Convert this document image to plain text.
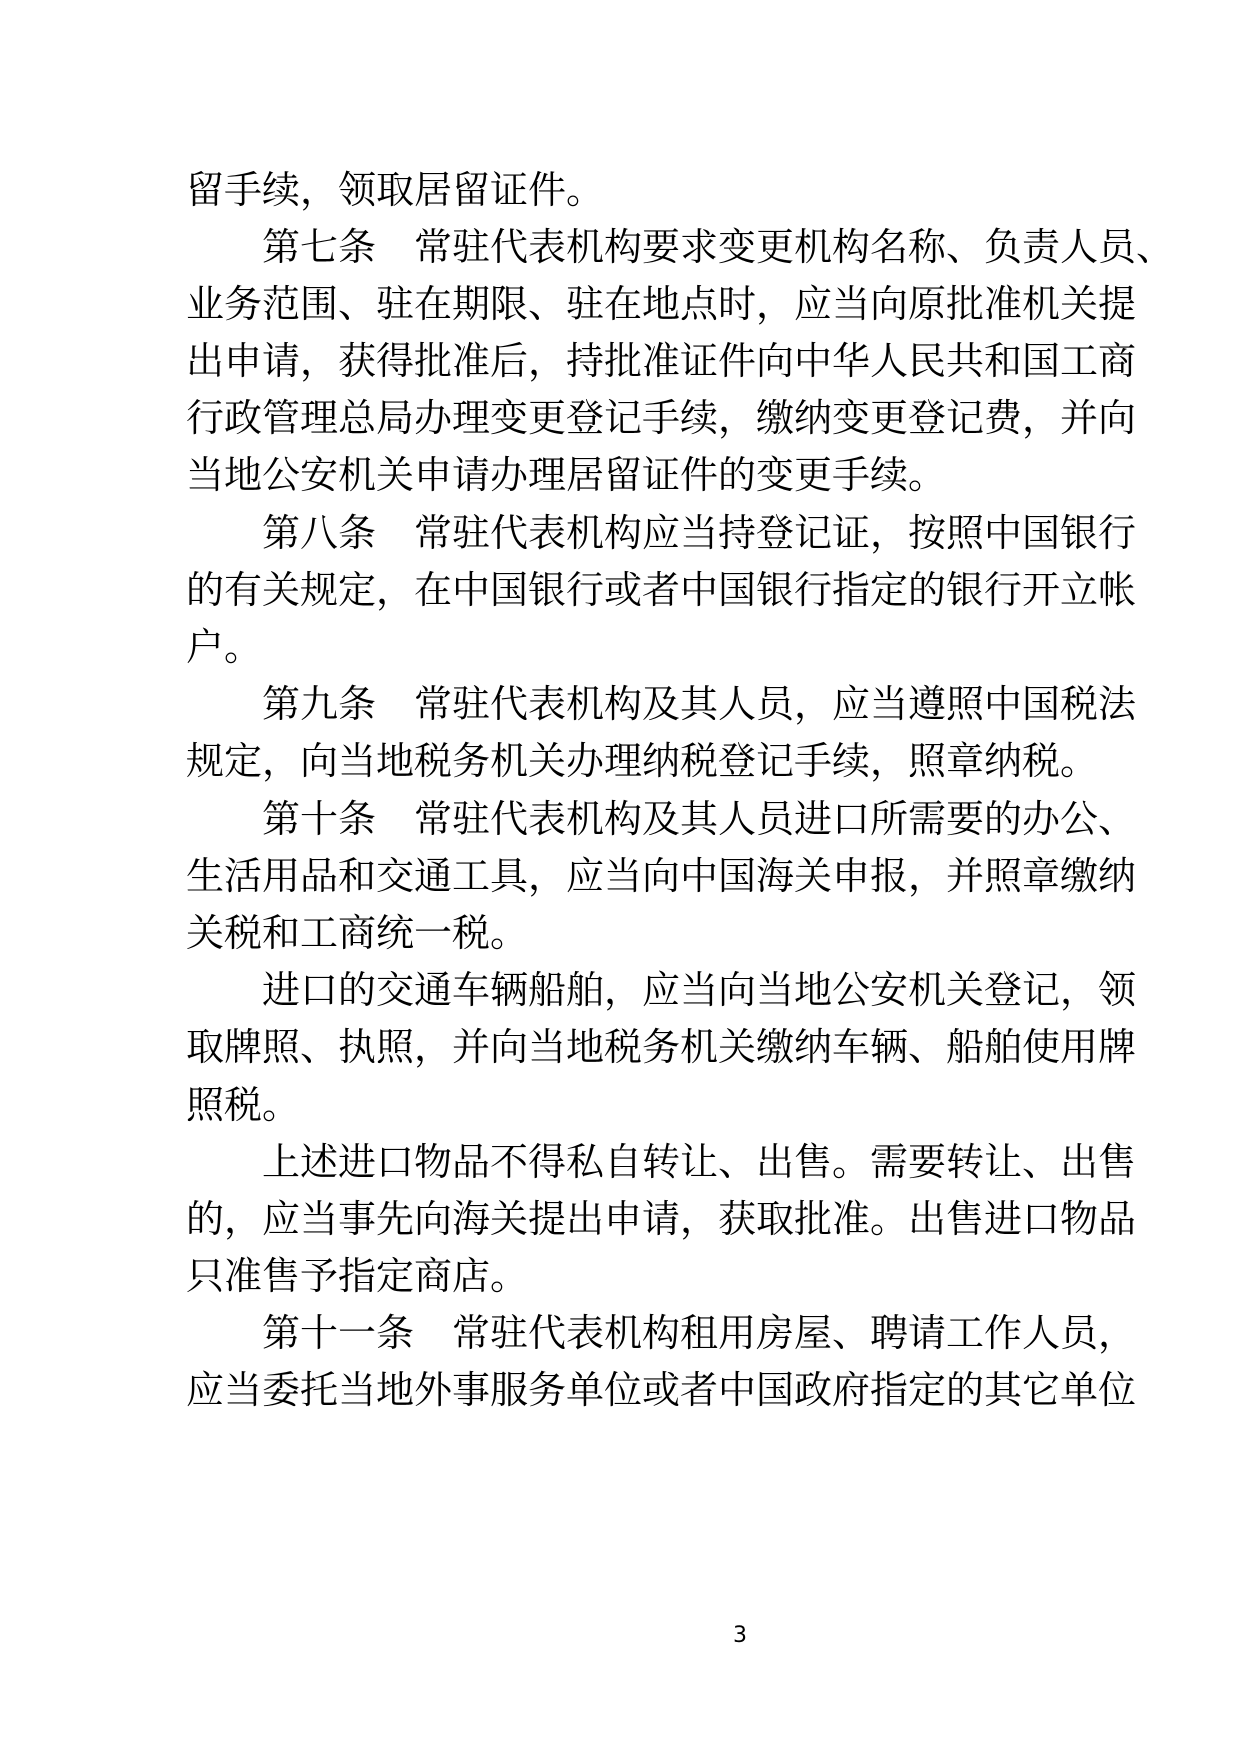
留手续，领取居留证件。
第七条　常驻代表机构要求变更机构名称、负责人员、
业务范围、驻在期限、驻在地点时，应当向原批准机关提
出申请，获得批准后，持批准证件向中华人民共和国工商
行政管理总局办理变更登记手续，缴纳变更登记费，并向
当地公安机关申请办理居留证件的变更手续。
第八条　常驻代表机构应当持登记证，按照中国银行
的有关规定，在中国银行或者中国银行指定的银行开立帐
户。
第九条　常驻代表机构及其人员，应当遵照中国税法
规定，向当地税务机关办理纳税登记手续，照章纳税。
第十条　常驻代表机构及其人员进口所需要的办公、
生活用品和交通工具，应当向中国海关申报，并照章缴纳
关税和工商统一税。
进口的交通车辆船舶，应当向当地公安机关登记，领
取牌照、执照，并向当地税务机关缴纳车辆、船舶使用牌
照税。
上述进口物品不得私自转让、出售。需要转让、出售
的，应当事先向海关提出申请，获取批准。出售进口物品
只准售予指定商店。
第十一条　常驻代表机构租用房屋、聘请工作人员，
应当委托当地外事服务单位或者中国政府指定的其它单位
3
